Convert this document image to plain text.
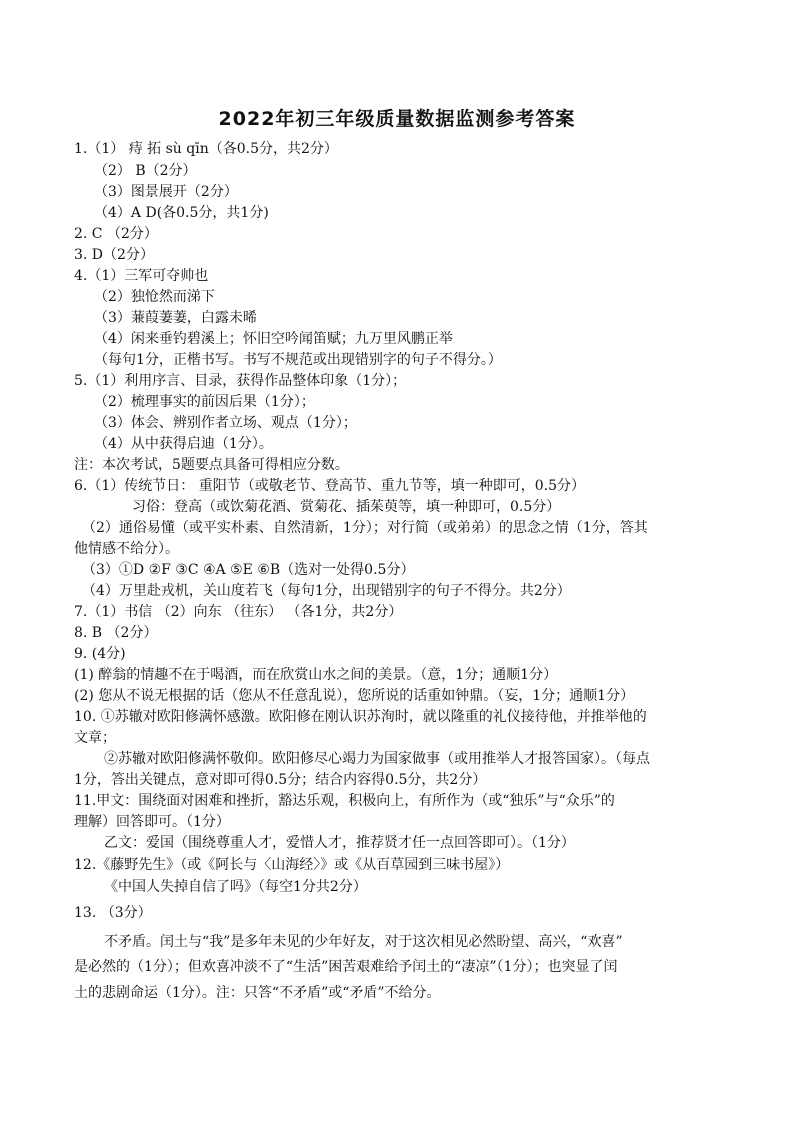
2022年初三年级质量数据监测参考答案
1.（1） 痔 拓 sù qīn（各0.5分，共2分）
（2） B（2分）
（3）图景展开（2分）
（4）A D(各0.5分，共1分)
2. C （2分）
3. D（2分）
4.（1）三军可夺帅也
（2）独怆然而涕下
（3）蒹葭萋萋，白露未晞
（4）闲来垂钓碧溪上；怀旧空吟闻笛赋；九万里风鹏正举
（每句1分，正楷书写。书写不规范或出现错别字的句子不得分。）
5.（1）利用序言、目录，获得作品整体印象（1分）；
（2）梳理事实的前因后果（1分）；
（3）体会、辨别作者立场、观点（1分）；
（4）从中获得启迪（1分）。
注：本次考试，5题要点具备可得相应分数。
6.（1）传统节日： 重阳节（或敬老节、登高节、重九节等，填一种即可，0.5分）
习俗：登高（或饮菊花酒、赏菊花、插茱萸等，填一种即可，0.5分）
（2）通俗易懂（或平实朴素、自然清新，1分）；对行简（或弟弟）的思念之情（1分，答其
他情感不给分）。
（3）①D ②F ③C ④A ⑤E ⑥B（选对一处得0.5分）
（4）万里赴戎机，关山度若飞（每句1分，出现错别字的句子不得分。共2分）
7.（1）书信 （2）向东 （往东） （各1分，共2分）
8. B （2分）
9. (4分)
(1) 醉翁的情趣不在于喝酒，而在欣赏山水之间的美景。（意，1分；通顺1分）
(2) 您从不说无根据的话（您从不任意乱说），您所说的话重如钟鼎。（妄，1分；通顺1分）
10. ①苏辙对欧阳修满怀感激。欧阳修在刚认识苏洵时，就以隆重的礼仪接待他，并推举他的
文章；
②苏辙对欧阳修满怀敬仰。欧阳修尽心竭力为国家做事（或用推举人才报答国家）。（每点
1分，答出关键点，意对即可得0.5分；结合内容得0.5分，共2分）
11.甲文：围绕面对困难和挫折，豁达乐观，积极向上，有所作为（或“独乐”与“众乐”的
理解）回答即可。（1分）
乙文：爱国（围绕尊重人才，爱惜人才，推荐贤才任一点回答即可）。（1分）
12.《藤野先生》（或《阿长与〈山海经〉》或《从百草园到三味书屋》）
《中国人失掉自信了吗》（每空1分共2分）
13. （3分）
不矛盾。闰土与“我”是多年未见的少年好友，对于这次相见必然盼望、高兴，“欢喜”
是必然的（1分）；但欢喜冲淡不了“生活”困苦艰难给予闰土的“凄凉”（1分）；也突显了闰
土的悲剧命运（1分）。注：只答“不矛盾”或“矛盾”不给分。
